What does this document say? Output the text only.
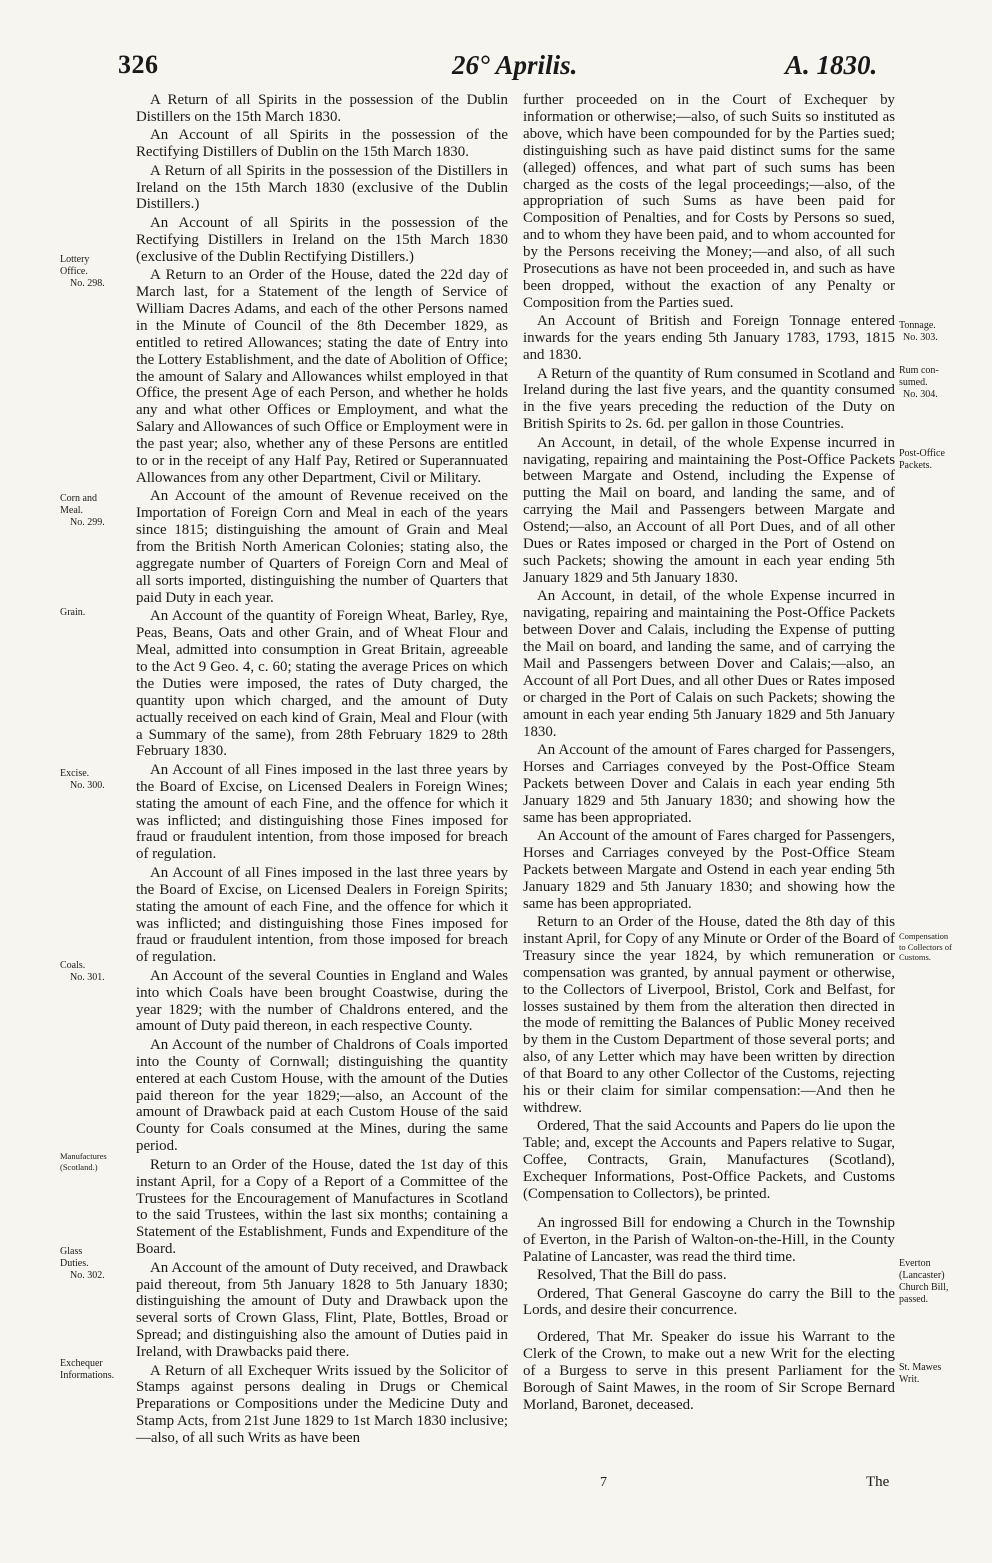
326	26° Aprilis.	A. 1830.

A Return of all Spirits in the possession of the Dublin Distillers on the 15th March 1830.

An Account of all Spirits in the possession of the Rectifying Distillers of Dublin on the 15th March 1830.

A Return of all Spirits in the possession of the Distillers in Ireland on the 15th March 1830 (exclusive of the Dublin Distillers.)

An Account of all Spirits in the possession of the Rectifying Distillers in Ireland on the 15th March 1830 (exclusive of the Dublin Rectifying Distillers.)

A Return to an Order of the House, dated the 22d day of March last, for a Statement of the length of Service of William Dacres Adams, and each of the other Persons named in the Minute of Council of the 8th December 1829, as entitled to retired Allowances; stating the date of Entry into the Lottery Establishment, and the date of Abolition of Office; the amount of Salary and Allowances whilst employed in that Office, the present Age of each Person, and whether he holds any and what other Offices or Employment, and what the Salary and Allowances of such Office or Employment were in the past year; also, whether any of these Persons are entitled to or in the receipt of any Half Pay, Retired or Superannuated Allowances from any other Department, Civil or Military.

An Account of the amount of Revenue received on the Importation of Foreign Corn and Meal in each of the years since 1815; distinguishing the amount of Grain and Meal from the British North American Colonies; stating also, the aggregate number of Quarters of Foreign Corn and Meal of all sorts imported, distinguishing the number of Quarters that paid Duty in each year.

An Account of the quantity of Foreign Wheat, Barley, Rye, Peas, Beans, Oats and other Grain, and of Wheat Flour and Meal, admitted into consumption in Great Britain, agreeable to the Act 9 Geo. 4, c. 60; stating the average Prices on which the Duties were imposed, the rates of Duty charged, the quantity upon which charged, and the amount of Duty actually received on each kind of Grain, Meal and Flour (with a Summary of the same), from 28th February 1829 to 28th February 1830.

An Account of all Fines imposed in the last three years by the Board of Excise, on Licensed Dealers in Foreign Wines; stating the amount of each Fine, and the offence for which it was inflicted; and distinguishing those Fines imposed for fraud or fraudulent intention, from those imposed for breach of regulation.

An Account of all Fines imposed in the last three years by the Board of Excise, on Licensed Dealers in Foreign Spirits; stating the amount of each Fine, and the offence for which it was inflicted; and distinguishing those Fines imposed for fraud or fraudulent intention, from those imposed for breach of regulation.

An Account of the several Counties in England and Wales into which Coals have been brought Coastwise, during the year 1829; with the number of Chaldrons entered, and the amount of Duty paid thereon, in each respective County.

An Account of the number of Chaldrons of Coals imported into the County of Cornwall; distinguishing the quantity entered at each Custom House, with the amount of the Duties paid thereon for the year 1829;—also, an Account of the amount of Drawback paid at each Custom House of the said County for Coals consumed at the Mines, during the same period.

Return to an Order of the House, dated the 1st day of this instant April, for a Copy of a Report of a Committee of the Trustees for the Encouragement of Manufactures in Scotland to the said Trustees, within the last six months; containing a Statement of the Establishment, Funds and Expenditure of the Board.

An Account of the amount of Duty received, and Drawback paid thereout, from 5th January 1828 to 5th January 1830; distinguishing the amount of Duty and Drawback upon the several sorts of Crown Glass, Flint, Plate, Bottles, Broad or Spread; and distinguishing also the amount of Duties paid in Ireland, with Drawbacks paid there.

A Return of all Exchequer Writs issued by the Solicitor of Stamps against persons dealing in Drugs or Chemical Preparations or Compositions under the Medicine Duty and Stamp Acts, from 21st June 1829 to 1st March 1830 inclusive;—also, of all such Writs as have been

further proceeded on in the Court of Exchequer by information or otherwise;—also, of such Suits so instituted as above, which have been compounded for by the Parties sued; distinguishing such as have paid distinct sums for the same (alleged) offences, and what part of such sums has been charged as the costs of the legal proceedings;—also, of the appropriation of such Sums as have been paid for Composition of Penalties, and for Costs by Persons so sued, and to whom they have been paid, and to whom accounted for by the Persons receiving the Money;—and also, of all such Prosecutions as have not been proceeded in, and such as have been dropped, without the exaction of any Penalty or Composition from the Parties sued.

An Account of British and Foreign Tonnage entered inwards for the years ending 5th January 1783, 1793, 1815 and 1830.

A Return of the quantity of Rum consumed in Scotland and Ireland during the last five years, and the quantity consumed in the five years preceding the reduction of the Duty on British Spirits to 2s. 6d. per gallon in those Countries.

An Account, in detail, of the whole Expense incurred in navigating, repairing and maintaining the Post-Office Packets between Margate and Ostend, including the Expense of putting the Mail on board, and landing the same, and of carrying the Mail and Passengers between Margate and Ostend;—also, an Account of all Port Dues, and of all other Dues or Rates imposed or charged in the Port of Ostend on such Packets; showing the amount in each year ending 5th January 1829 and 5th January 1830.

An Account, in detail, of the whole Expense incurred in navigating, repairing and maintaining the Post-Office Packets between Dover and Calais, including the Expense of putting the Mail on board, and landing the same, and of carrying the Mail and Passengers between Dover and Calais;—also, an Account of all Port Dues, and all other Dues or Rates imposed or charged in the Port of Calais on such Packets; showing the amount in each year ending 5th January 1829 and 5th January 1830.

An Account of the amount of Fares charged for Passengers, Horses and Carriages conveyed by the Post-Office Steam Packets between Dover and Calais in each year ending 5th January 1829 and 5th January 1830; and showing how the same has been appropriated.

An Account of the amount of Fares charged for Passengers, Horses and Carriages conveyed by the Post-Office Steam Packets between Margate and Ostend in each year ending 5th January 1829 and 5th January 1830; and showing how the same has been appropriated.

Return to an Order of the House, dated the 8th day of this instant April, for Copy of any Minute or Order of the Board of Treasury since the year 1824, by which remuneration or compensation was granted, by annual payment or otherwise, to the Collectors of Liverpool, Bristol, Cork and Belfast, for losses sustained by them from the alteration then directed in the mode of remitting the Balances of Public Money received by them in the Custom Department of those several ports; and also, of any Letter which may have been written by direction of that Board to any other Collector of the Customs, rejecting his or their claim for similar compensation:—And then he withdrew.

Ordered, That the said Accounts and Papers do lie upon the Table; and, except the Accounts and Papers relative to Sugar, Coffee, Contracts, Grain, Manufactures (Scotland), Exchequer Informations, Post-Office Packets, and Customs (Compensation to Collectors), be printed.

An ingrossed Bill for endowing a Church in the Township of Everton, in the Parish of Walton-on-the-Hill, in the County Palatine of Lancaster, was read the third time.

Resolved, That the Bill do pass.

Ordered, That General Gascoyne do carry the Bill to the Lords, and desire their concurrence.

Ordered, That Mr. Speaker do issue his Warrant to the Clerk of the Crown, to make out a new Writ for the electing of a Burgess to serve in this present Parliament for the Borough of Saint Mawes, in the room of Sir Scrope Bernard Morland, Baronet, deceased.

Lottery
Office.
No. 298.
Corn and
Meal.
No. 299.
Grain.
Excise.
No. 300.
Coals.
No. 301.
Manufactures
(Scotland.)
Glass
Duties.
No. 302.
Exchequer
Informations.
Tonnage.
No. 303.
Rum con-
sumed.
No. 304.
Post-Office
Packets.
Compensation
to Collectors of
Customs.
Everton
(Lancaster)
Church Bill,
passed.
St. Mawes
Writ.
7	The
